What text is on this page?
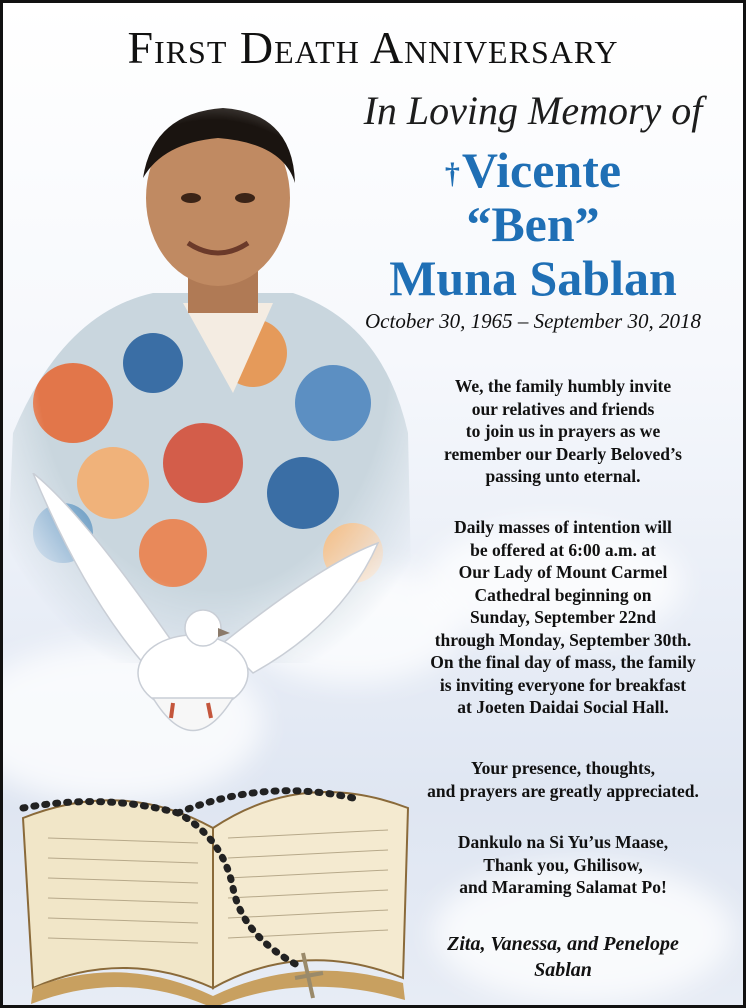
First Death Anniversary
In Loving Memory of
†Vicente
“Ben”
Muna Sablan
October 30, 1965 – September 30, 2018
We, the family humbly invite
our relatives and friends
to join us in prayers as we
remember our Dearly Beloved’s
passing unto eternal.
Daily masses of intention will
be offered at 6:00 a.m. at
Our Lady of Mount Carmel
Cathedral beginning on
Sunday, September 22nd
through Monday, September 30th.
On the final day of mass, the family
is inviting everyone for breakfast
at Joeten Daidai Social Hall.
Your presence, thoughts,
and prayers are greatly appreciated.
Dankulo na Si Yu’us Maase,
Thank you, Ghilisow,
and Maraming Salamat Po!
Zita, Vanessa, and Penelope
Sablan
